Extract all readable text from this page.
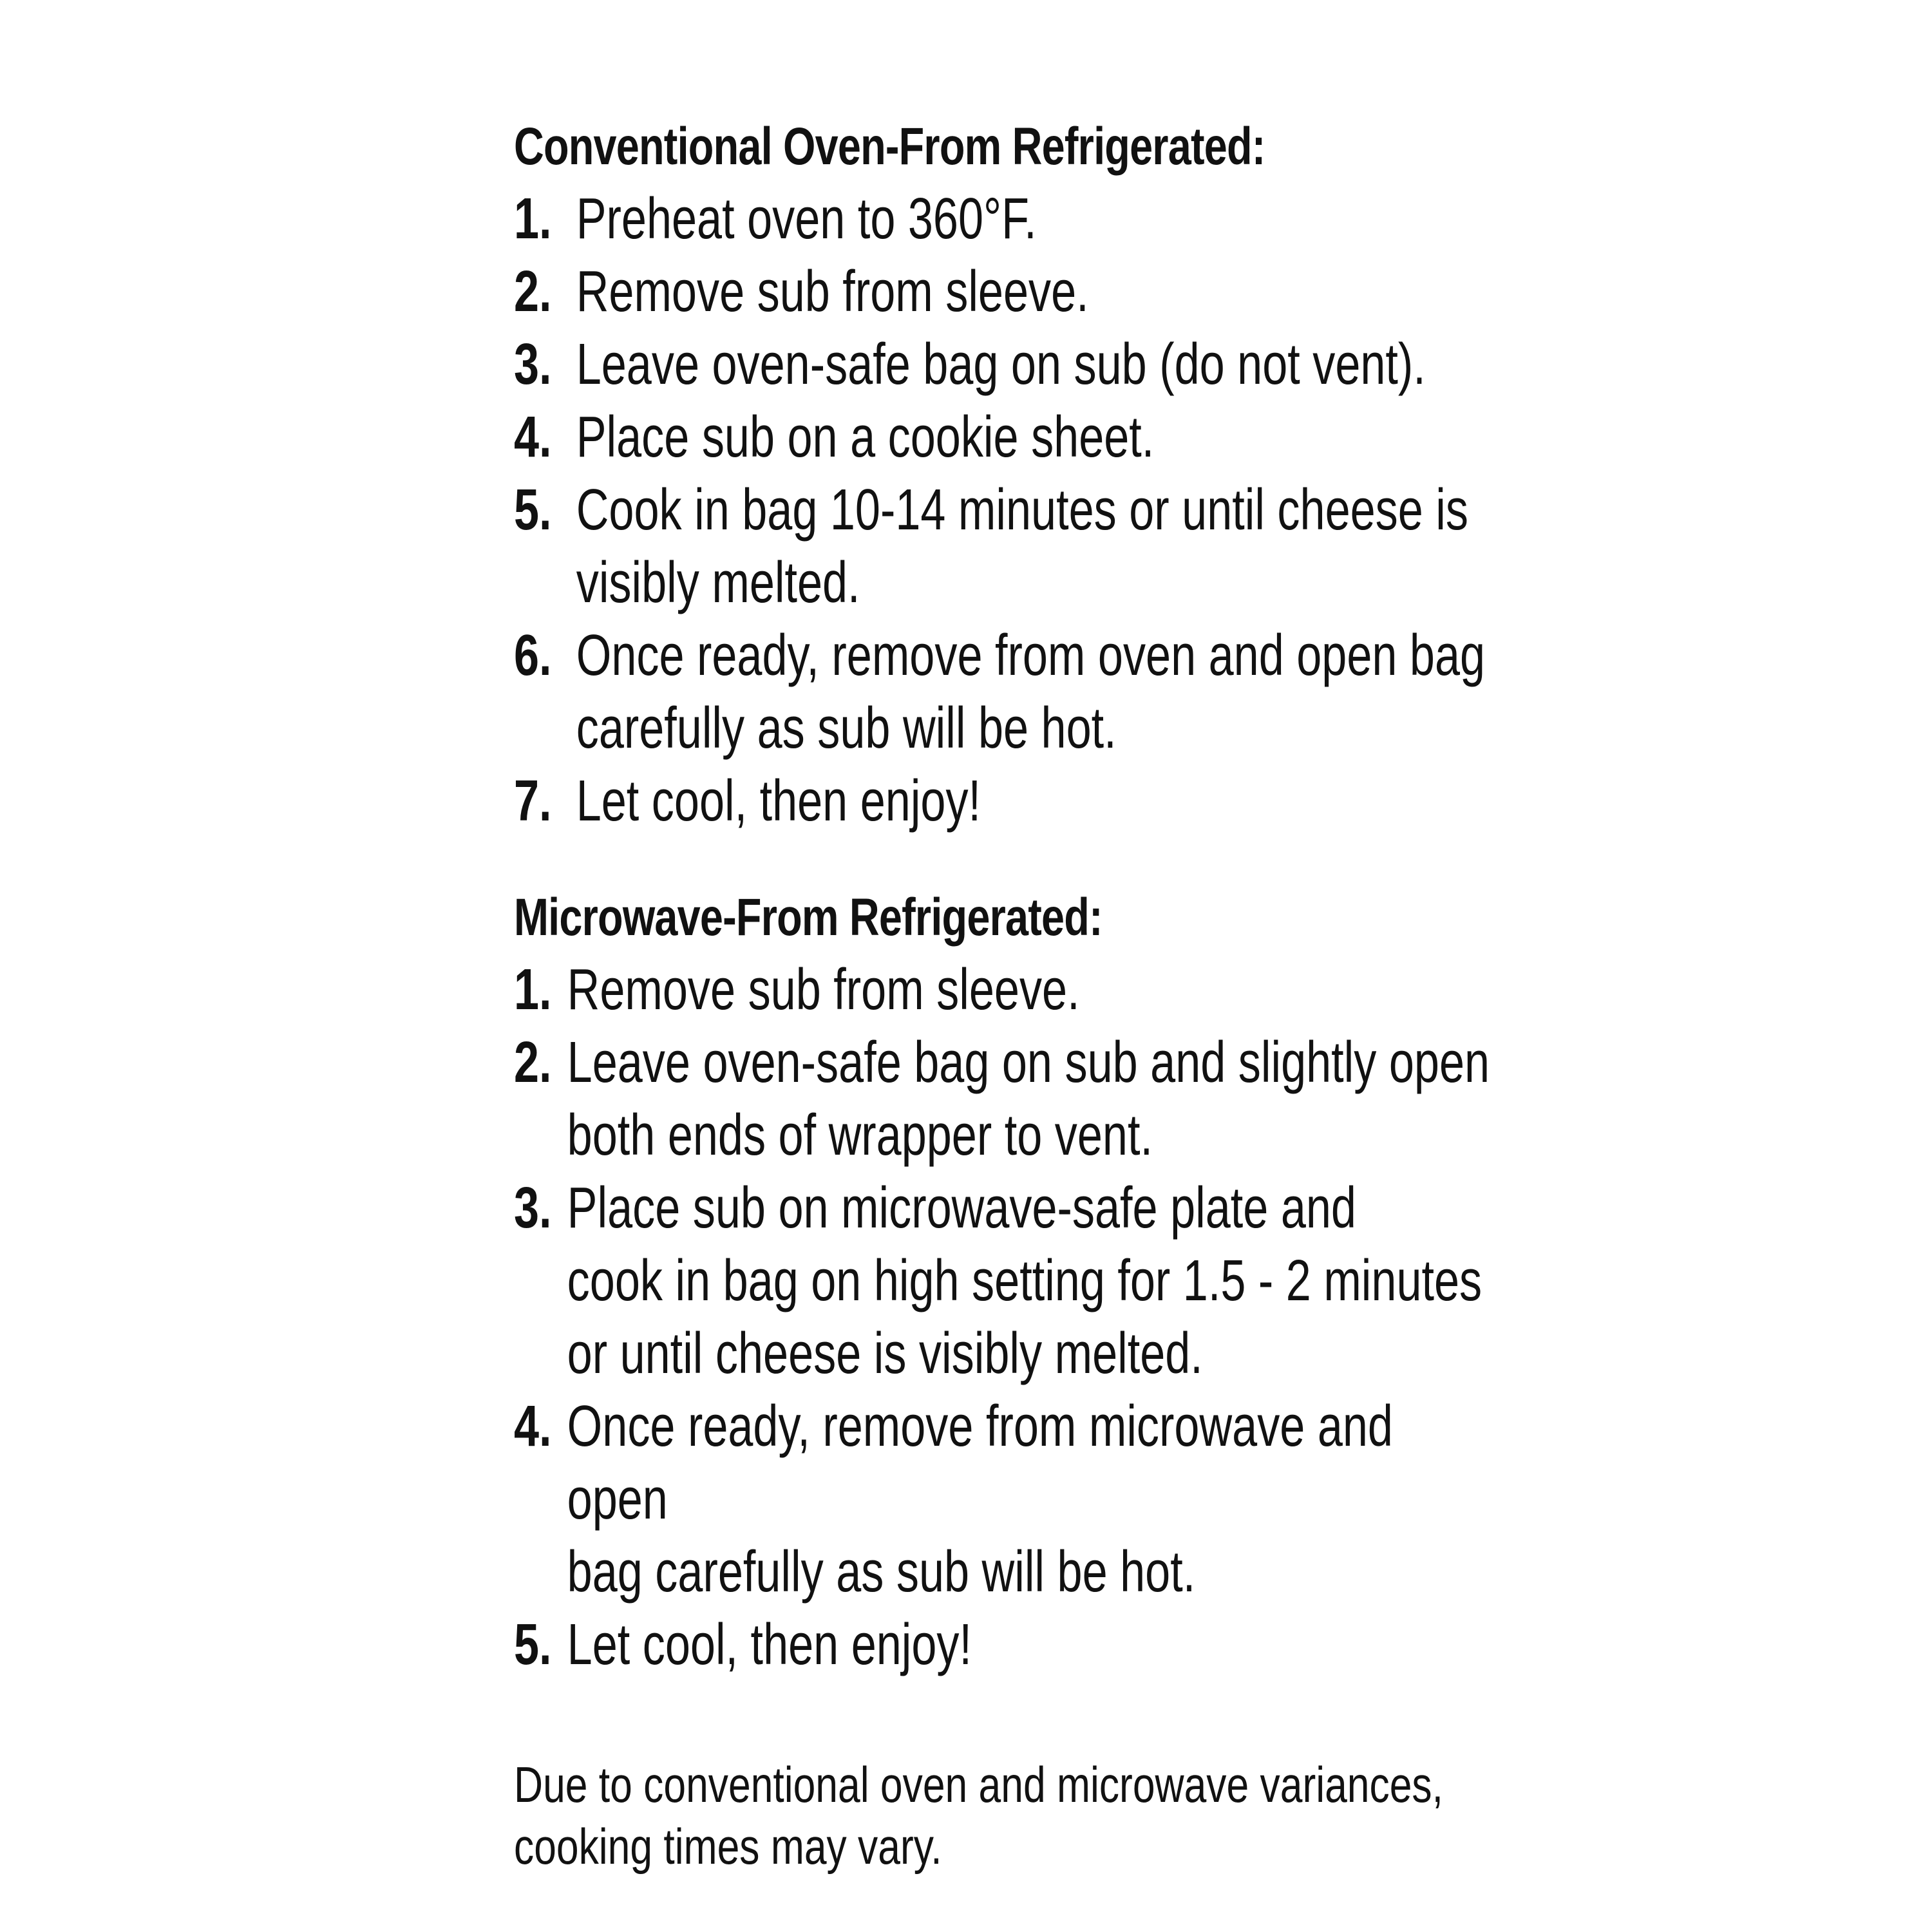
Conventional Oven-From Refrigerated:
1. Preheat oven to 360°F.
2. Remove sub from sleeve.
3. Leave oven-safe bag on sub (do not vent).
4. Place sub on a cookie sheet.
5. Cook in bag 10-14 minutes or until cheese is
visibly melted.
6. Once ready, remove from oven and open bag
carefully as sub will be hot.
7. Let cool, then enjoy!
Microwave-From Refrigerated:
1. Remove sub from sleeve.
2. Leave oven-safe bag on sub and slightly open
both ends of wrapper to vent.
3. Place sub on microwave-safe plate and
cook in bag on high setting for 1.5 - 2 minutes
or until cheese is visibly melted.
4. Once ready, remove from microwave and open
bag carefully as sub will be hot.
5. Let cool, then enjoy!

Due to conventional oven and microwave variances,
cooking times may vary.
